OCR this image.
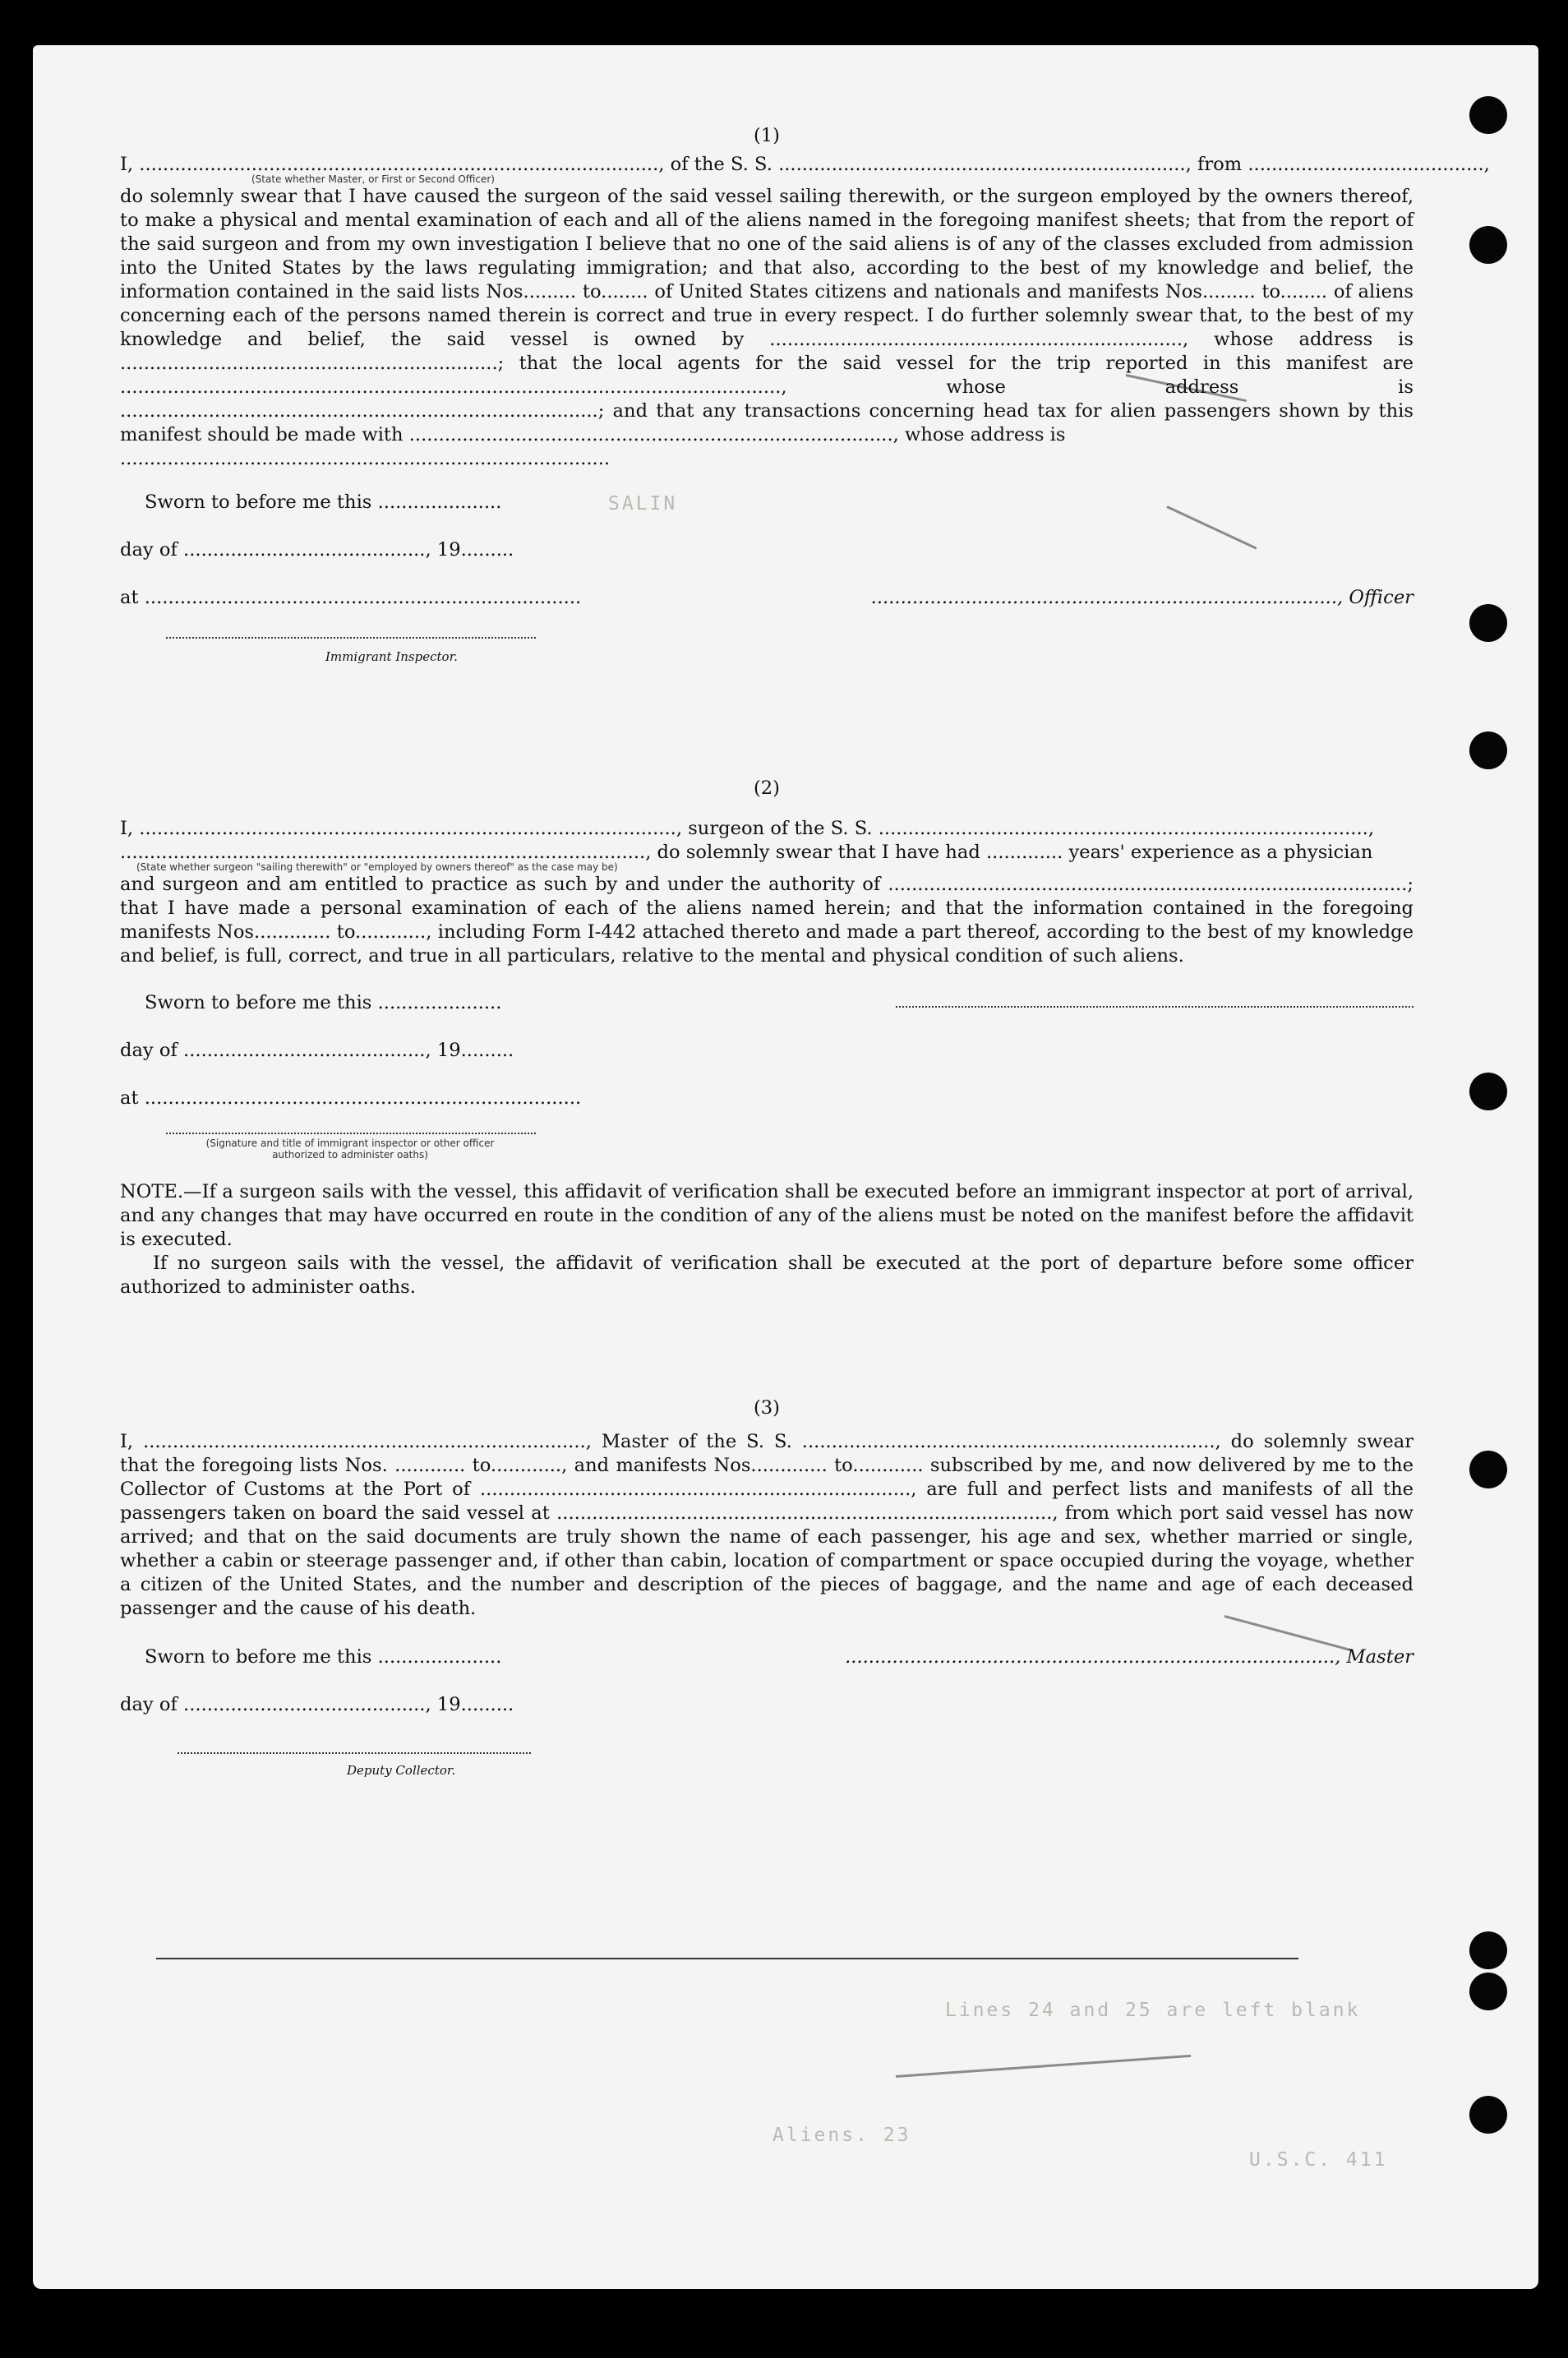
SALIN
Lines 24 and 25 are left blank
Aliens. 23
U.S.C. 411

(1)

I, ........................................................................................, of the S. S. ....................................................................., from ........................................,
(State whether Master, or First or Second Officer)

do solemnly swear that I have caused the surgeon of the said vessel sailing therewith, or the surgeon employed by the owners thereof, to make a physical and mental examination of each and all of the aliens named in the foregoing manifest sheets; that from the report of the said surgeon and from my own investigation I believe that no one of the said aliens is of any of the classes excluded from admission into the United States by the laws regulating immigration; and that also, according to the best of my knowledge and belief, the information contained in the said lists Nos......... to........ of United States citizens and nationals and manifests Nos......... to........ of aliens concerning each of the persons named therein is correct and true in every respect. I do further solemnly swear that, to the best of my knowledge and belief, the said vessel is owned by ......................................................................, whose address is ................................................................; that the local agents for the said vessel for the trip reported in this manifest are ................................................................................................................, whose address is .................................................................................; and that any transactions concerning head tax for alien passengers shown by this manifest should be made with .................................................................................., whose address is

...................................................................................
Sworn to before me this .....................
day of ........................................., 19.........
at ..........................................................................	..............................................................................., Officer
Immigrant Inspector.

(2)

I, ..........................................................................................., surgeon of the S. S. ...................................................................................,
........................................................................................., do solemnly swear that I have had ............. years' experience as a physician
(State whether surgeon "sailing therewith" or "employed by owners thereof" as the case may be)

and surgeon and am entitled to practice as such by and under the authority of ........................................................................................; that I have made a personal examination of each of the aliens named herein; and that the information contained in the foregoing manifests Nos............. to............, including Form I-442 attached thereto and made a part thereof, according to the best of my knowledge and belief, is full, correct, and true in all particulars, relative to the mental and physical condition of such aliens.

Sworn to before me this .....................
day of ........................................., 19.........
at ..........................................................................
(Signature and title of immigrant inspector or other officer authorized to administer oaths)

NOTE.—If a surgeon sails with the vessel, this affidavit of verification shall be executed before an immigrant inspector at port of arrival, and any changes that may have occurred en route in the condition of any of the aliens must be noted on the manifest before the affidavit is executed.

If no surgeon sails with the vessel, the affidavit of verification shall be executed at the port of departure before some officer authorized to administer oaths.

(3)

I, ..........................................................................., Master of the S. S. ......................................................................, do solemnly swear that the foregoing lists Nos. ............ to............, and manifests Nos............. to............ subscribed by me, and now delivered by me to the Collector of Customs at the Port of ........................................................................., are full and perfect lists and manifests of all the passengers taken on board the said vessel at ...................................................................................., from which port said vessel has now arrived; and that on the said documents are truly shown the name of each passenger, his age and sex, whether married or single, whether a cabin or steerage passenger and, if other than cabin, location of compartment or space occupied during the voyage, whether a citizen of the United States, and the number and description of the pieces of baggage, and the name and age of each deceased passenger and the cause of his death.

Sworn to before me this .....................	..................................................................................., Master
day of ........................................., 19.........
Deputy Collector.
